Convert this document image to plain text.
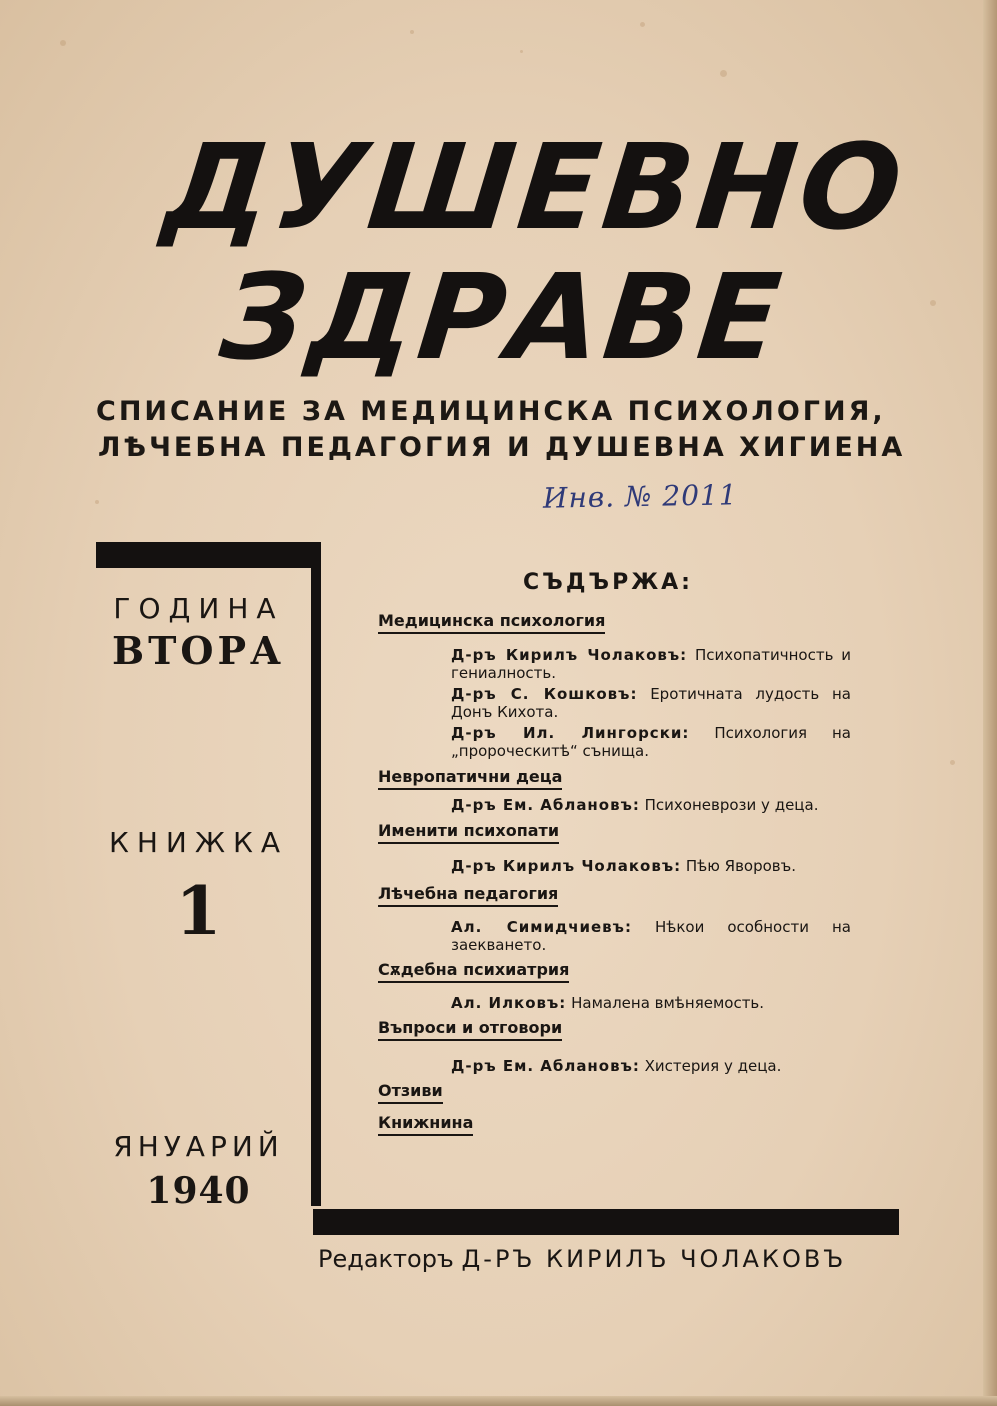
ДУШЕВНО
ЗДРАВЕ
СПИСАНИЕ ЗА МЕДИЦИНСКА ПСИХОЛОГИЯ,
ЛѢЧЕБНА ПЕДАГОГИЯ И ДУШЕВНА ХИГИЕНА
Инв. № 2011
ГОДИНА
ВТОРА
КНИЖКА
1
ЯНУАРИЙ
1940
СЪДЪРЖА:
Медицинска психология
Д-ръ Кирилъ Чолаковъ: Психопатичность и гениалность.
Д-ръ С. Кошковъ: Еротичната лудость на Донъ Кихота.
Д-ръ Ил. Лингорски: Психология на „пророческитѣ“ сънища.
Невропатични деца
Д-ръ Ем. Аблановъ: Психоневрози у деца.
Именити психопати
Д-ръ Кирилъ Чолаковъ: Пѣю Яворовъ.
Лѣчебна педагогия
Ал. Симидчиевъ: Нѣкои особности на заекването.
Сѫдебна психиатрия
Ал. Илковъ: Намалена вмѣняемость.
Въпроси и отговори
Д-ръ Ем. Аблановъ: Хистерия у деца.
Отзиви
Книжнина
Редакторъ Д-РЪ КИРИЛЪ ЧОЛАКОВЪ
